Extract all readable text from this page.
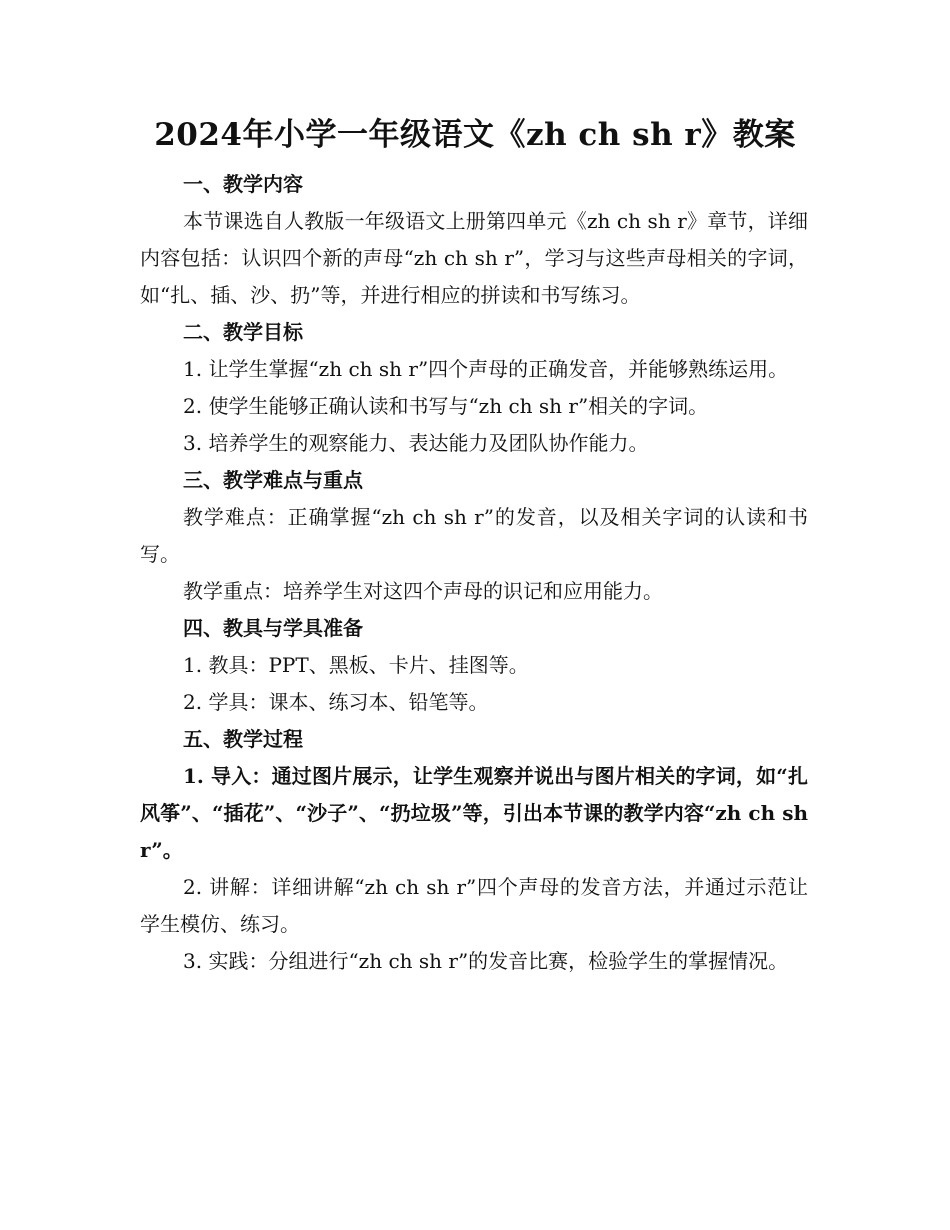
2024年小学一年级语文《zh ch sh r》教案

一、教学内容

本节课选自人教版一年级语文上册第四单元《zh ch sh r》章节，详细内容包括：认识四个新的声母“zh ch sh r”，学习与这些声母相关的字词，如“扎、插、沙、扔”等，并进行相应的拼读和书写练习。

二、教学目标

1. 让学生掌握“zh ch sh r”四个声母的正确发音，并能够熟练运用。

2. 使学生能够正确认读和书写与“zh ch sh r”相关的字词。

3. 培养学生的观察能力、表达能力及团队协作能力。

三、教学难点与重点

教学难点：正确掌握“zh ch sh r”的发音，以及相关字词的认读和书写。

教学重点：培养学生对这四个声母的识记和应用能力。

四、教具与学具准备

1. 教具：PPT、黑板、卡片、挂图等。

2. 学具：课本、练习本、铅笔等。

五、教学过程

1. 导入：通过图片展示，让学生观察并说出与图片相关的字词，如“扎风筝”、“插花”、“沙子”、“扔垃圾”等，引出本节课的教学内容“zh ch sh r”。

2. 讲解：详细讲解“zh ch sh r”四个声母的发音方法，并通过示范让学生模仿、练习。

3. 实践：分组进行“zh ch sh r”的发音比赛，检验学生的掌握情况。
